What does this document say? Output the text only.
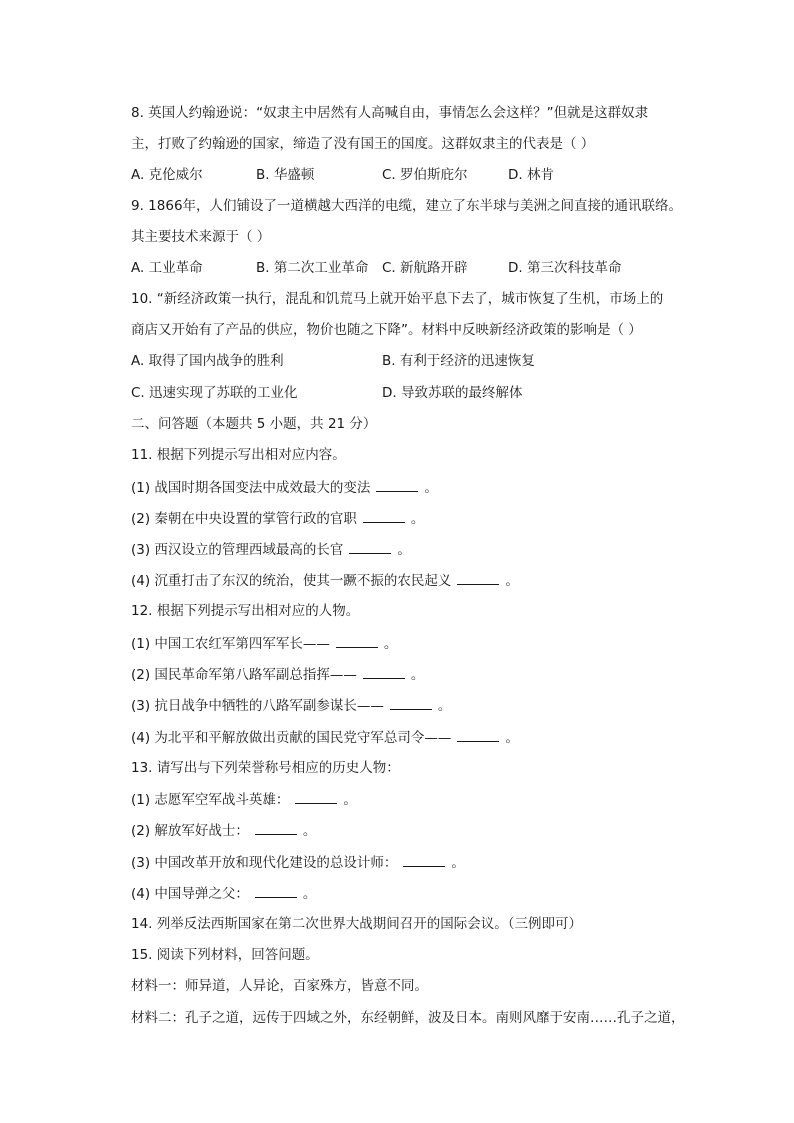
8. 英国人约翰逊说：“奴隶主中居然有人高喊自由，事情怎么会这样？”但就是这群奴隶
主，打败了约翰逊的国家，缔造了没有国王的国度。这群奴隶主的代表是（ ）
A. 克伦威尔	B. 华盛顿	C. 罗伯斯庇尔	D. 林肯
9. 1866年，人们铺设了一道横越大西洋的电缆，建立了东半球与美洲之间直接的通讯联络。
其主要技术来源于（ ）
A. 工业革命	B. 第二次工业革命 C. 新航路开辟	D. 第三次科技革命
10. “新经济政策一执行，混乱和饥荒马上就开始平息下去了，城市恢复了生机，市场上的
商店又开始有了产品的供应，物价也随之下降”。材料中反映新经济政策的影响是（ ）
A. 取得了国内战争的胜利	B. 有利于经济的迅速恢复
C. 迅速实现了苏联的工业化	D. 导致苏联的最终解体
二、问答题（本题共 5 小题，共 21 分）
11. 根据下列提示写出相对应内容。
(1) 战国时期各国变法中成效最大的变法	。
(2) 秦朝在中央设置的掌管行政的官职	。
(3) 西汉设立的管理西域最高的长官	。
(4) 沉重打击了东汉的统治，使其一蹶不振的农民起义	。
12. 根据下列提示写出相对应的人物。
(1) 中国工农红军第四军军长——	。
(2) 国民革命军第八路军副总指挥——	。
(3) 抗日战争中牺牲的八路军副参谋长——	。
(4) 为北平和平解放做出贡献的国民党守军总司令——	。
13. 请写出与下列荣誉称号相应的历史人物：
(1) 志愿军空军战斗英雄：	。
(2) 解放军好战士：	。
(3) 中国改革开放和现代化建设的总设计师：	。
(4) 中国导弹之父：	。
14. 列举反法西斯国家在第二次世界大战期间召开的国际会议。（三例即可）
15. 阅读下列材料，回答问题。
材料一：师异道，人异论，百家殊方，皆意不同。
材料二：孔子之道，远传于四域之外，东经朝鲜，波及日本。南则风靡于安南……孔子之道，
